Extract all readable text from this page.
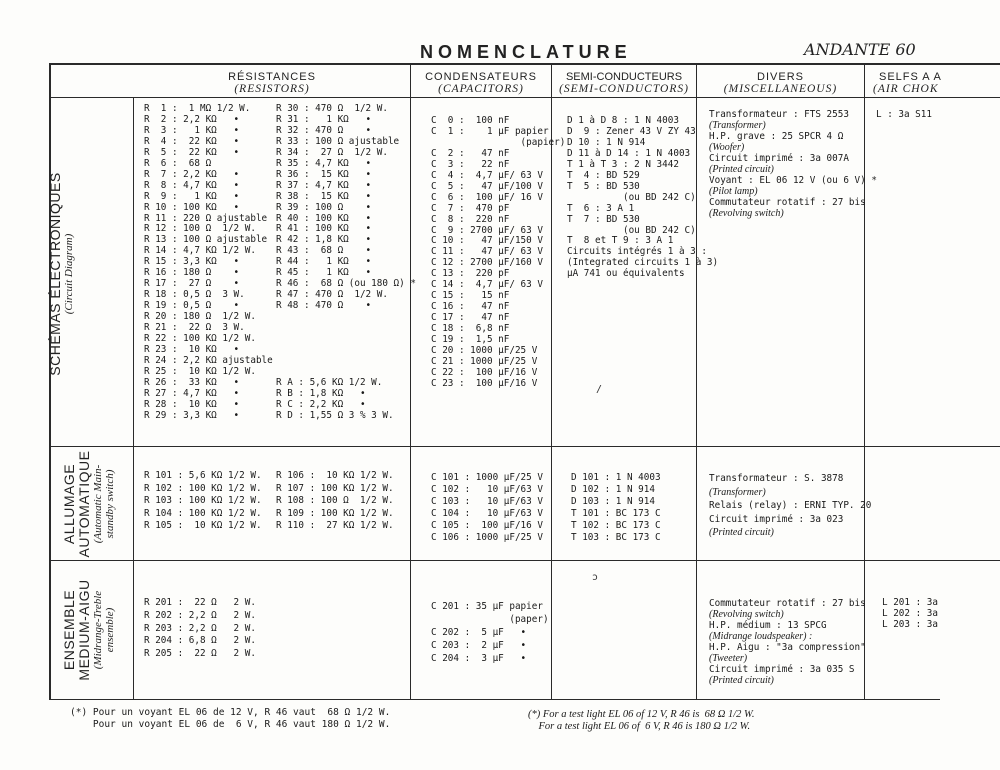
NOMENCLATURE	ANDANTE 60
RÉSISTANCES
(RESISTORS)
CONDENSATEURS
(CAPACITORS)
SEMI-CONDUCTEURS
(SEMI-CONDUCTORS)
DIVERS
(MISCELLANEOUS)
SELFS A A
(AIR CHOK
SCHÉMAS ÉLECTRONIQUES (Circuit Diagram)
ALLUMAGE AUTOMATIQUE (Automatic Main- standby switch)
ENSEMBLE MEDIUM-AIGU (Midrange-Treble ensemble)
R  1 :  1 MΩ 1/2 W.
R  2 : 2,2 KΩ   •
R  3 :   1 KΩ   •
R  4 :  22 KΩ   •
R  5 :  22 KΩ   •
R  6 :  68 Ω
R  7 : 2,2 KΩ   •
R  8 : 4,7 KΩ   •
R  9 :   1 KΩ   •
R 10 : 100 KΩ   •
R 11 : 220 Ω ajustable
R 12 : 100 Ω  1/2 W.
R 13 : 100 Ω ajustable
R 14 : 4,7 KΩ 1/2 W.
R 15 : 3,3 KΩ   •
R 16 : 180 Ω    •
R 17 :  27 Ω    •
R 18 : 0,5 Ω  3 W.
R 19 : 0,5 Ω    •
R 20 : 180 Ω  1/2 W.
R 21 :  22 Ω  3 W.
R 22 : 100 KΩ 1/2 W.
R 23 :  10 KΩ   •
R 24 : 2,2 KΩ ajustable
R 25 :  10 KΩ 1/2 W.
R 26 :  33 KΩ   •
R 27 : 4,7 KΩ   •
R 28 :  10 KΩ   •
R 29 : 3,3 KΩ   •
R 30 : 470 Ω  1/2 W.
R 31 :   1 KΩ   •
R 32 : 470 Ω    •
R 33 : 100 Ω ajustable
R 34 :  27 Ω  1/2 W.
R 35 : 4,7 KΩ   •
R 36 :  15 KΩ   •
R 37 : 4,7 KΩ   •
R 38 :  15 KΩ   •
R 39 : 100 Ω    •
R 40 : 100 KΩ   •
R 41 : 100 KΩ   •
R 42 : 1,8 KΩ   •
R 43 :  68 Ω    •
R 44 :   1 KΩ   •
R 45 :   1 KΩ   •
R 46 :  68 Ω (ou 180 Ω) *
R 47 : 470 Ω  1/2 W.
R 48 : 470 Ω    •

R A : 5,6 KΩ 1/2 W.
R B : 1,8 KΩ   •
R C : 2,2 KΩ   •
R D : 1,55 Ω 3 % 3 W.
C  0 :  100 nF
C  1 :    1 µF papier
(papier)
C  2 :   47 nF
C  3 :   22 nF
C  4 :  4,7 µF/ 63 V
C  5 :   47 µF/100 V
C  6 :  100 µF/ 16 V
C  7 :  470 pF
C  8 :  220 nF
C  9 : 2700 µF/ 63 V
C 10 :   47 µF/150 V
C 11 :   47 µF/ 63 V
C 12 : 2700 µF/160 V
C 13 :  220 pF
C 14 :  4,7 µF/ 63 V
C 15 :   15 nF
C 16 :   47 nF
C 17 :   47 nF
C 18 :  6,8 nF
C 19 :  1,5 nF
C 20 : 1000 µF/25 V
C 21 : 1000 µF/25 V
C 22 :  100 µF/16 V
C 23 :  100 µF/16 V
D 1 à D 8 : 1 N 4003
D  9 : Zener 43 V ZY 43
D 10 : 1 N 914
D 11 à D 14 : 1 N 4003
T 1 à T 3 : 2 N 3442
T  4 : BD 529
T  5 : BD 530
(ou BD 242 C)
T  6 : 3 A 1
T  7 : BD 530
(ou BD 242 C)
T  8 et T 9 : 3 A 1
Circuits intégrés 1 à 3 :
(Integrated circuits 1 à 3)
µA 741 ou équivalents
Transformateur : FTS 2553
(Transformer)
H.P. grave : 25 SPCR 4 Ω
(Woofer)
Circuit imprimé : 3a 007A
(Printed circuit)
Voyant : EL 06 12 V (ou 6 V) *
(Pilot lamp)
Commutateur rotatif : 27 bis
(Revolving switch)
L : 3a S11
R 101 : 5,6 KΩ 1/2 W.
R 102 : 100 KΩ 1/2 W.
R 103 : 100 KΩ 1/2 W.
R 104 : 100 KΩ 1/2 W.
R 105 :  10 KΩ 1/2 W.
R 106 :  10 KΩ 1/2 W.
R 107 : 100 KΩ 1/2 W.
R 108 : 100 Ω  1/2 W.
R 109 : 100 KΩ 1/2 W.
R 110 :  27 KΩ 1/2 W.
C 101 : 1000 µF/25 V
C 102 :   10 µF/63 V
C 103 :   10 µF/63 V
C 104 :   10 µF/63 V
C 105 :  100 µF/16 V
C 106 : 1000 µF/25 V
D 101 : 1 N 4003
D 102 : 1 N 914
D 103 : 1 N 914
T 101 : BC 173 C
T 102 : BC 173 C
T 103 : BC 173 C
Transformateur : S. 3878
(Transformer)
Relais (relay) : ERNI TYP. 20
Circuit imprimé : 3a 023
(Printed circuit)
R 201 :  22 Ω   2 W.
R 202 : 2,2 Ω   2 W.
R 203 : 2,2 Ω   2 W.
R 204 : 6,8 Ω   2 W.
R 205 :  22 Ω   2 W.
C 201 : 35 µF papier
(paper)
C 202 :  5 µF   •
C 203 :  2 µF   •
C 204 :  3 µF   •
Commutateur rotatif : 27 bis
(Revolving switch)
H.P. médium : 13 SPCG
(Midrange loudspeaker) :
H.P. Aigu : "3a compression"
(Tweeter)
Circuit imprimé : 3a 035 S
(Printed circuit)
L 201 : 3a
L 202 : 3a
L 203 : 3a
/
ɔ
(*) Pour un voyant EL 06 de 12 V, R 46 vaut  68 Ω 1/2 W.
Pour un voyant EL 06 de  6 V, R 46 vaut 180 Ω 1/2 W.
(*) For a test light EL 06 of 12 V, R 46 is  68 Ω 1/2 W.
For a test light EL 06 of  6 V, R 46 is 180 Ω 1/2 W.
